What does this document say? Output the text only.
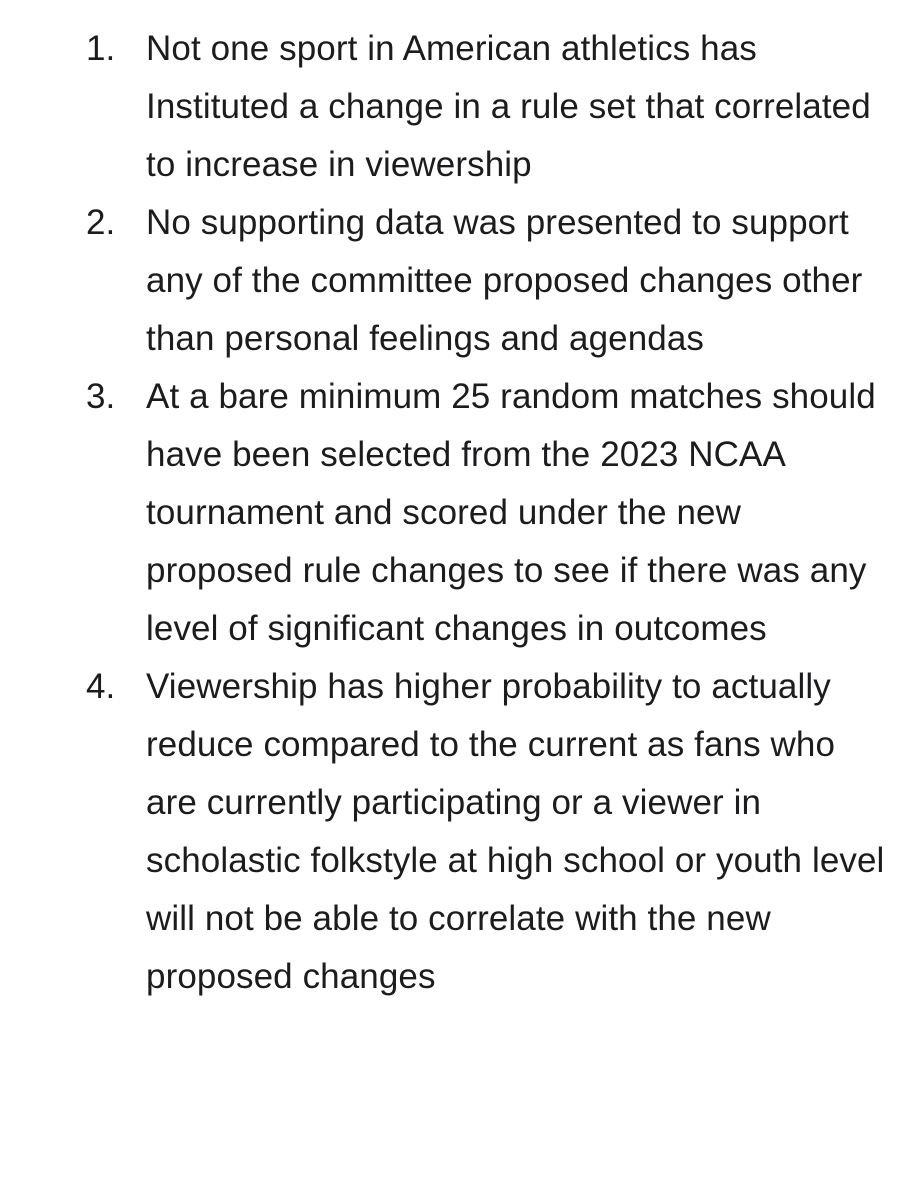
1. Not one sport in American athletics has Instituted a change in a rule set that correlated to increase in viewership
2. No supporting data was presented to support any of the committee proposed changes other than personal feelings and agendas
3. At a bare minimum 25 random matches should have been selected from the 2023 NCAA tournament and scored under the new proposed rule changes to see if there was any level of significant changes in outcomes
4. Viewership has higher probability to actually reduce compared to the current as fans who are currently participating or a viewer in scholastic folkstyle at high school or youth level will not be able to correlate with the new proposed changes
